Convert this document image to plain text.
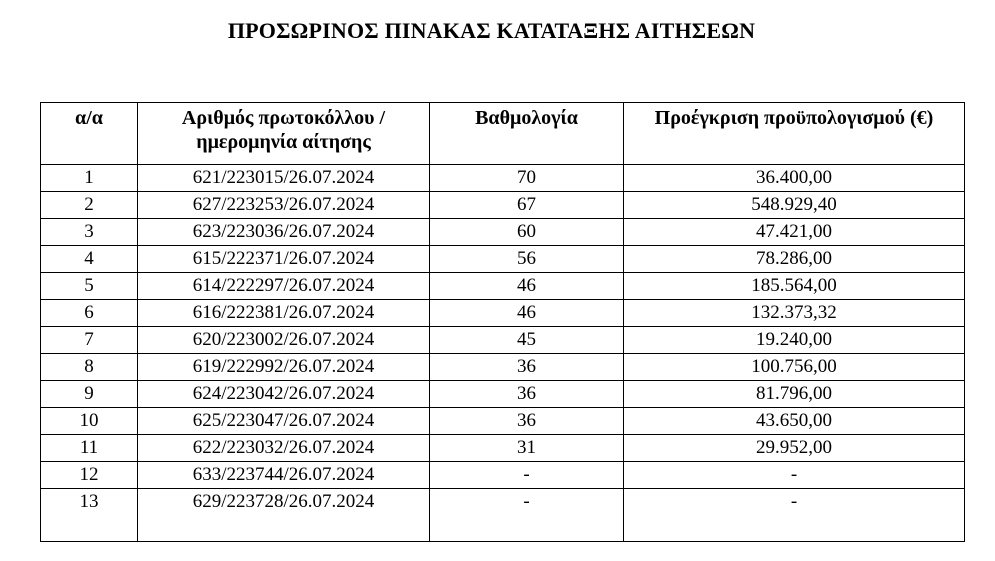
ΠΡΟΣΩΡΙΝΟΣ ΠΙΝΑΚΑΣ ΚΑΤΑΤΑΞΗΣ ΑΙΤΗΣΕΩΝ
α/α	Αριθμός πρωτοκόλλου / ημερομηνία αίτησης	Βαθμολογία	Προέγκριση προϋπολογισμού (€)
1	621/223015/26.07.2024	70	36.400,00
2	627/223253/26.07.2024	67	548.929,40
3	623/223036/26.07.2024	60	47.421,00
4	615/222371/26.07.2024	56	78.286,00
5	614/222297/26.07.2024	46	185.564,00
6	616/222381/26.07.2024	46	132.373,32
7	620/223002/26.07.2024	45	19.240,00
8	619/222992/26.07.2024	36	100.756,00
9	624/223042/26.07.2024	36	81.796,00
10	625/223047/26.07.2024	36	43.650,00
11	622/223032/26.07.2024	31	29.952,00
12	633/223744/26.07.2024	-	-
13	629/223728/26.07.2024	-	-
